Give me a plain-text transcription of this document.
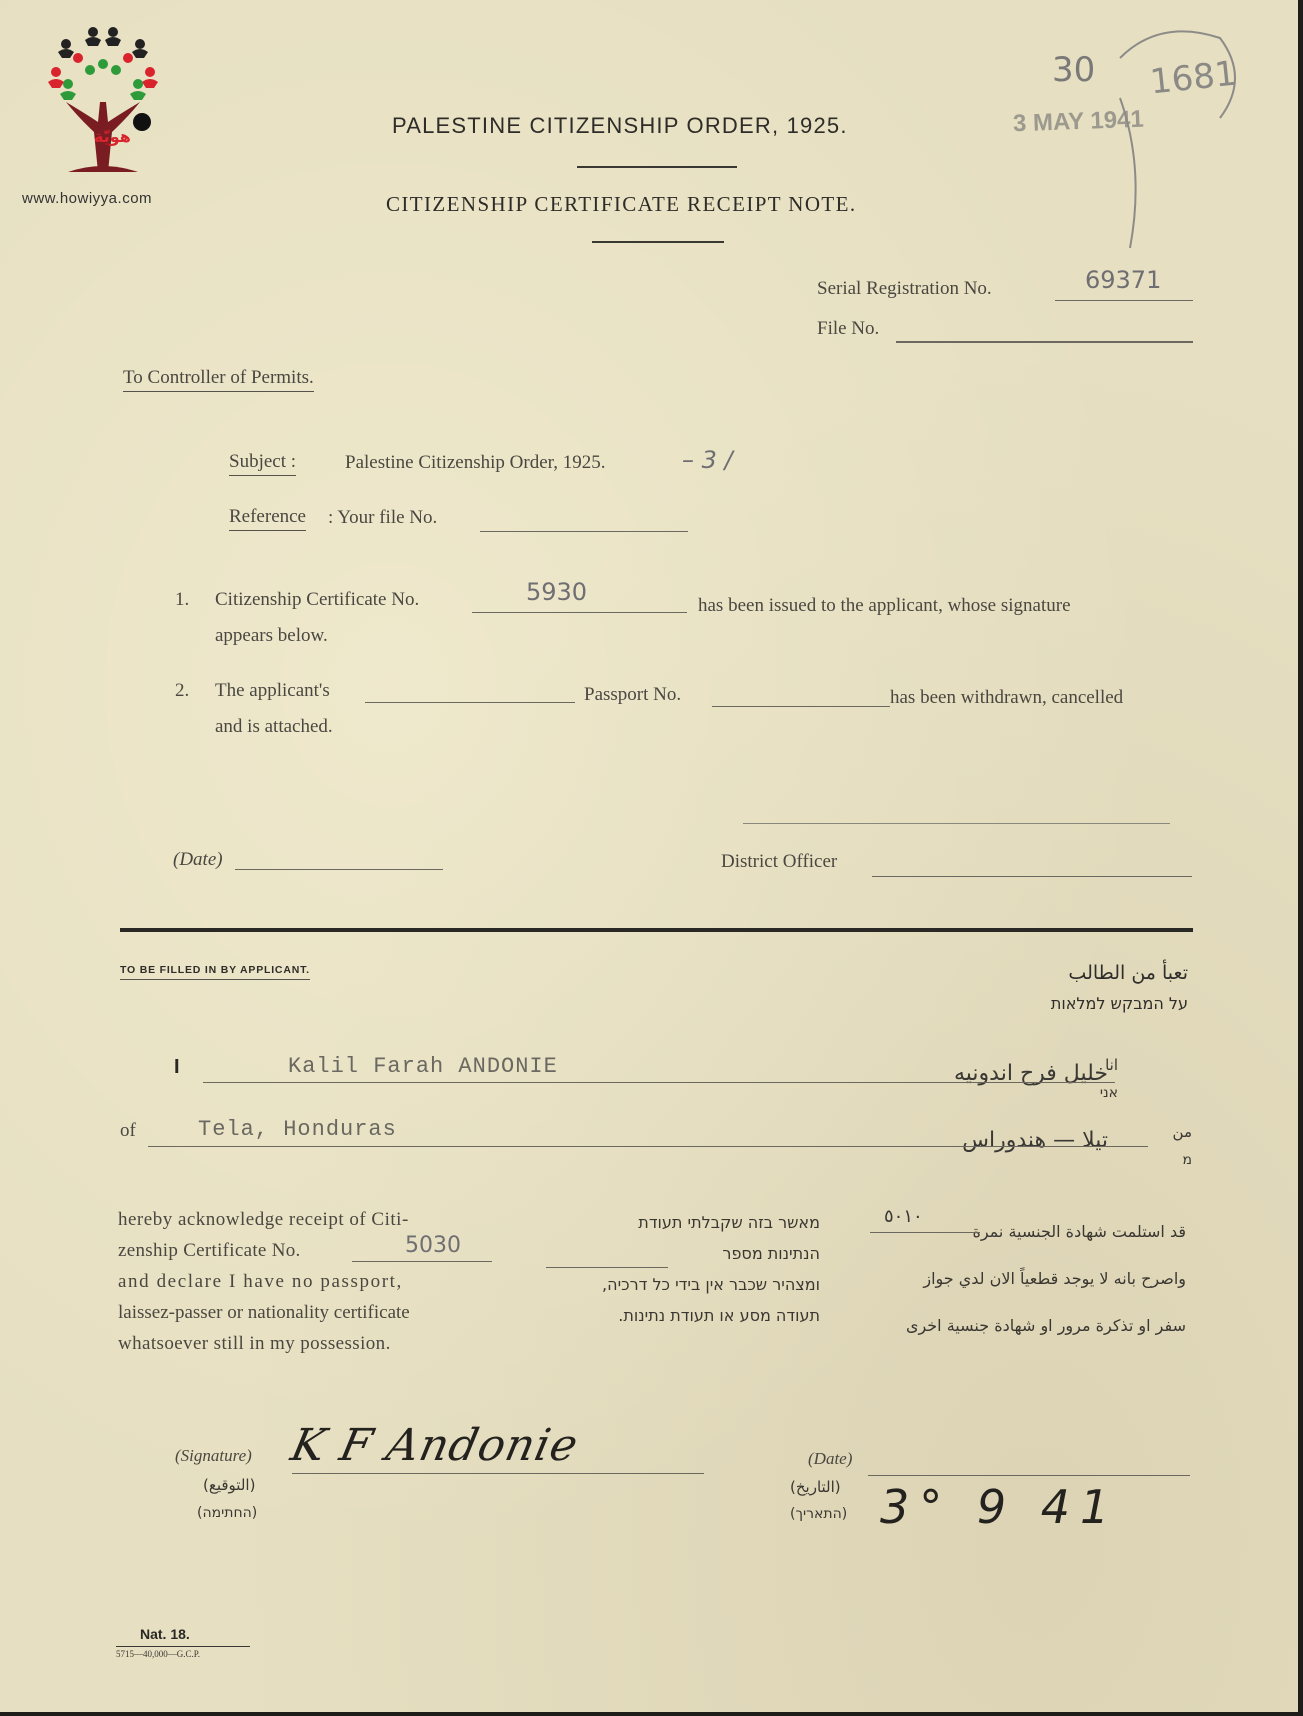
هويّة
www.howiyya.com
PALESTINE CITIZENSHIP ORDER, 1925.
CITIZENSHIP CERTIFICATE RECEIPT NOTE.
3 MAY 1941
30 1681
Serial Registration No.	69371
File No.
To Controller of Permits.
Subject :	Palestine Citizenship Order, 1925.	– 3 /
Reference : Your file No.
1. Citizenship Certificate No.	5930	has been issued to the applicant, whose signature
appears below.
2. The applicant's	Passport No.	has been withdrawn, cancelled
and is attached.
(Date)	District Officer
TO BE FILLED IN BY APPLICANT.	تعبأ من الطالب
על המבקש למלאות
I	Kalil Farah ANDONIE	خليل فرح اندونيه
انا
אני
of	Tela, Honduras	تيلا — هندوراس	من
מ
hereby acknowledge receipt of Citi-
zenship Certificate No.
and declare I have no passport,
laissez-passer or nationality certificate
whatsoever still in my possession.
5030
מאשר בזה שקבלתי תעודת
הנתינות מספר
ומצהיר שכבר אין בידי כל דרכיה,
תעודה מסע או תעודת נתינות.
قد استلمت شهادة الجنسية نمرة
واصرح بانه لا يوجد قطعياً الان لدي جواز
سفر او تذكرة مرور او شهادة جنسية اخرى
٥٠١٠
(Signature) K F Andonie
(التوقيع)
(החתימה)
(Date)
(التاريخ)
(התאריך) 3° 9 41
Nat. 18.
5715—40,000—G.C.P.
